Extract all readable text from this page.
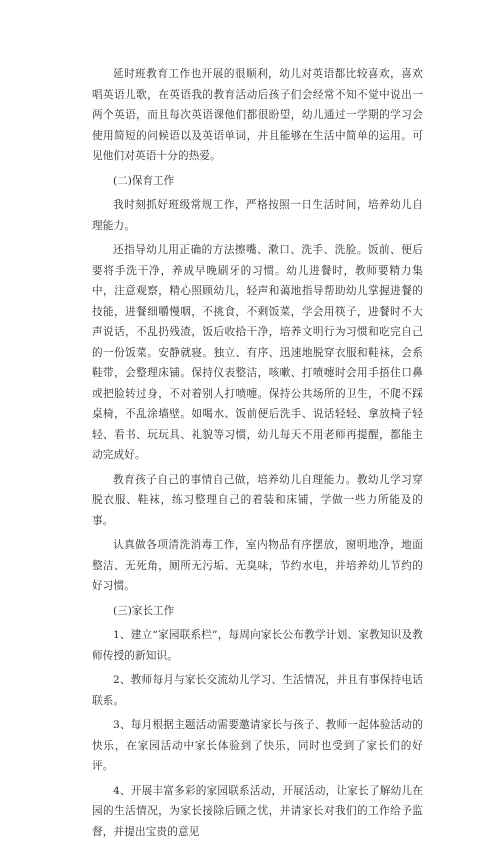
延时班教育工作也开展的很顺利，幼儿对英语都比较喜欢，喜欢唱英语儿歌，在英语我的教育活动后孩子们会经常不知不觉中说出一两个英语，而且每次英语课他们都很盼望，幼儿通过一学期的学习会使用简短的问候语以及英语单词，并且能够在生活中简单的运用。可见他们对英语十分的热爱。

(二)保育工作

我时刻抓好班级常规工作，严格按照一日生活时间，培养幼儿自理能力。

还指导幼儿用正确的方法擦嘴、漱口、洗手、洗脸。饭前、便后要将手洗干净，养成早晚刷牙的习惯。幼儿进餐时，教师要精力集中，注意观察，精心照顾幼儿，轻声和蔼地指导帮助幼儿掌握进餐的技能，进餐细嚼慢咽，不挑食，不剩饭菜，学会用筷子，进餐时不大声说话，不乱扔残渣，饭后收拾干净，培养文明行为习惯和吃完自己的一份饭菜。安静就寝。独立、有序、迅速地脱穿衣服和鞋袜，会系鞋带，会整理床铺。保持仪表整洁，咳嗽、打喷嚏时会用手捂住口鼻或把脸转过身，不对着别人打喷嚏。保持公共场所的卫生，不爬不踩桌椅，不乱涂墙壁。如喝水、饭前便后洗手、说话轻轻、拿放椅子轻轻、看书、玩玩具、礼貌等习惯，幼儿每天不用老师再提醒，都能主动完成好。

教育孩子自己的事情自己做，培养幼儿自理能力。教幼儿学习穿脱衣服、鞋袜，练习整理自己的着装和床铺，学做一些力所能及的事。

认真做各项清洗消毒工作，室内物品有序摆放，窗明地净，地面整洁、无死角，厕所无污垢、无臭味，节约水电，并培养幼儿节约的好习惯。

(三)家长工作

1、建立“家园联系栏”，每周向家长公布教学计划、家教知识及教师传授的新知识。

2、教师每月与家长交流幼儿学习、生活情况，并且有事保持电话联系。

3、每月根据主题活动需要邀请家长与孩子、教师一起体验活动的快乐，在家园活动中家长体验到了快乐，同时也受到了家长们的好评。

4、开展丰富多彩的家园联系活动，开展活动，让家长了解幼儿在园的生活情况，为家长接除后顾之忧，并请家长对我们的工作给予监督，并提出宝贵的意见
